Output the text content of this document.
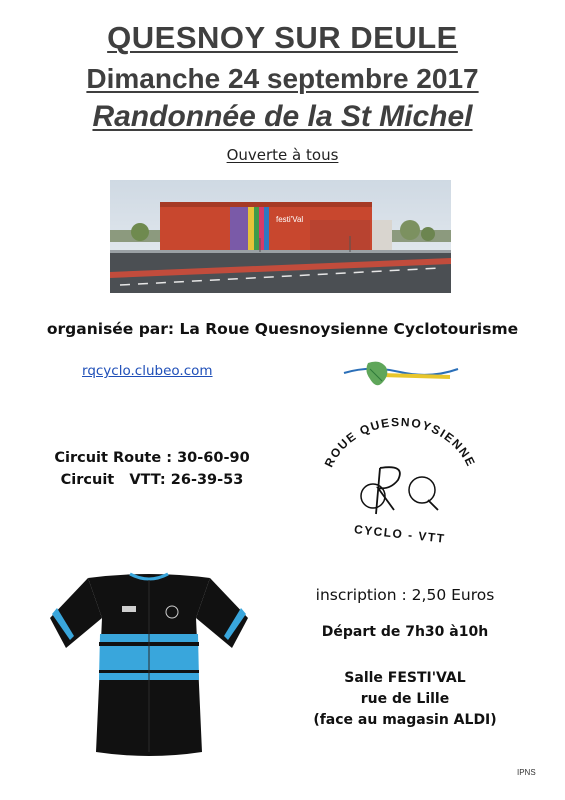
QUESNOY SUR DEULE
Dimanche 24 septembre 2017
Randonnée de la St Michel
Ouverte à tous
festi'Val
organisée par: La Roue Quesnoysienne Cyclotourisme
rqcyclo.clubeo.com
Circuit Route : 30-60-90
Circuit   VTT: 26-39-53
ROUE QUESNOYSIENNE
CYCLO - VTT
inscription : 2,50 Euros
Départ de 7h30 à10h
Salle FESTI'VAL
rue de Lille
(face au magasin ALDI)
IPNS
